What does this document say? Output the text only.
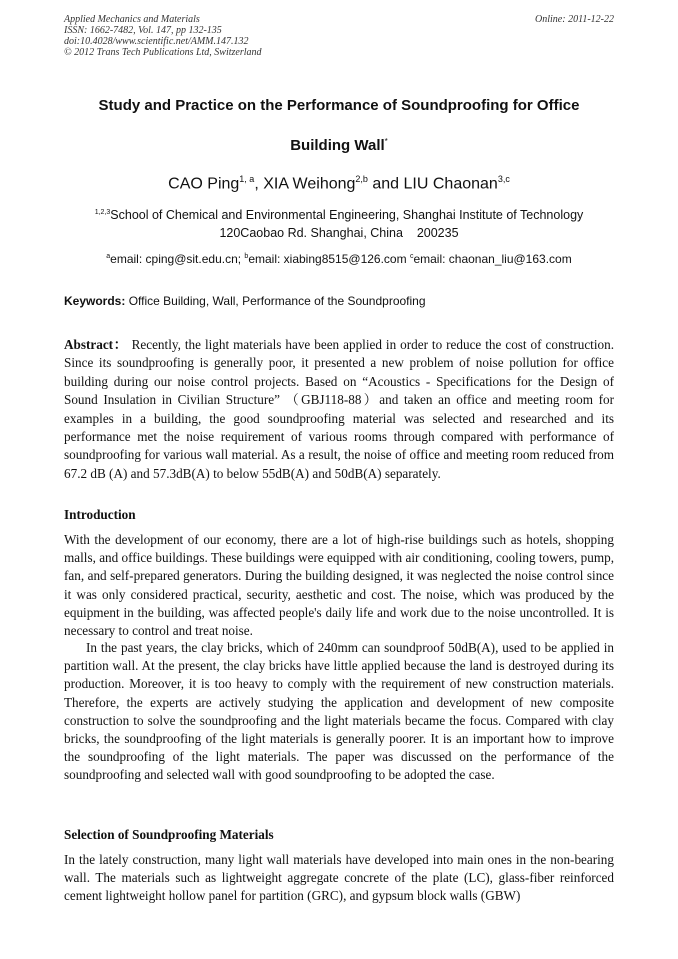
Applied Mechanics and Materials
ISSN: 1662-7482, Vol. 147, pp 132-135
doi:10.4028/www.scientific.net/AMM.147.132
© 2012 Trans Tech Publications Ltd, Switzerland
Online: 2011-12-22
Study and Practice on the Performance of Soundproofing for Office
Building Wall*
CAO Ping$^{1, a}$, XIA Weihong$^{2,b}$ and LIU Chaonan$^{3,c}$
$^{1,2,3}$School of Chemical and Environmental Engineering, Shanghai Institute of Technology
120Caobao Rd. Shanghai, China    200235
$^a$email: cping@sit.edu.cn; $^b$email: xiabing8515@126.com $^c$email: chaonan_liu@163.com
Keywords: Office Building, Wall, Performance of the Soundproofing
Abstract： Recently, the light materials have been applied in order to reduce the cost of construction. Since its soundproofing is generally poor, it presented a new problem of noise pollution for office building during our noise control projects. Based on “Acoustics - Specifications for the Design of Sound Insulation in Civilian Structure” （GBJ118-88）and taken an office and meeting room for examples in a building, the good soundproofing material was selected and researched and its performance met the noise requirement of various rooms through compared with performance of soundproofing for various wall material. As a result, the noise of office and meeting room reduced from 67.2 dB (A) and 57.3dB(A) to below 55dB(A) and 50dB(A) separately.
Introduction

With the development of our economy, there are a lot of high-rise buildings such as hotels, shopping malls, and office buildings. These buildings were equipped with air conditioning, cooling towers, pump, fan, and self-prepared generators. During the building designed, it was neglected the noise control since it was only considered practical, security, aesthetic and cost. The noise, which was produced by the equipment in the building, was affected people's daily life and work due to the noise uncontrolled. It is necessary to control and treat noise.

In the past years, the clay bricks, which of 240mm can soundproof 50dB(A), used to be applied in partition wall. At the present, the clay bricks have little applied because the land is destroyed during its production. Moreover, it is too heavy to comply with the requirement of new construction materials. Therefore, the experts are actively studying the application and development of new composite construction to solve the soundproofing and the light materials became the focus. Compared with clay bricks, the soundproofing of the light materials is generally poorer. It is an important how to improve the soundproofing of the light materials. The paper was discussed on the performance of the soundproofing and selected wall with good soundproofing to be adopted the case.

Selection of Soundproofing Materials

In the lately construction, many light wall materials have developed into main ones in the non-bearing wall. The materials such as lightweight aggregate concrete of the plate (LC), glass-fiber reinforced cement lightweight hollow panel for partition (GRC), and gypsum block walls (GBW)
